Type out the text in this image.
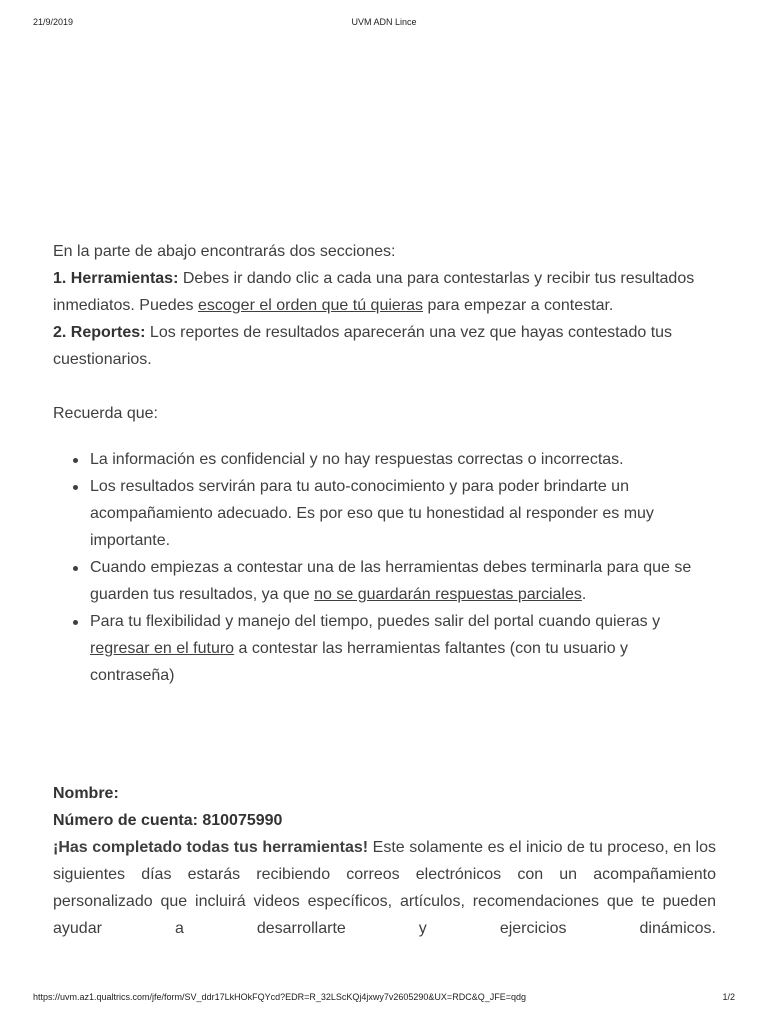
21/9/2019	UVM ADN Lince

En la parte de abajo encontrarás dos secciones:

1. Herramientas: Debes ir dando clic a cada una para contestarlas y recibir tus resultados inmediatos. Puedes escoger el orden que tú quieras para empezar a contestar.

2. Reportes: Los reportes de resultados aparecerán una vez que hayas contestado tus cuestionarios.

Recuerda que:

La información es confidencial y no hay respuestas correctas o incorrectas.
Los resultados servirán para tu auto-conocimiento y para poder brindarte un acompañamiento adecuado. Es por eso que tu honestidad al responder es muy importante.
Cuando empiezas a contestar una de las herramientas debes terminarla para que se guarden tus resultados, ya que no se guardarán respuestas parciales.
Para tu flexibilidad y manejo del tiempo, puedes salir del portal cuando quieras y regresar en el futuro a contestar las herramientas faltantes (con tu usuario y contraseña)

Nombre:

Número de cuenta: 810075990

¡Has completado todas tus herramientas! Este solamente es el inicio de tu proceso, en los siguientes días estarás recibiendo correos electrónicos con un acompañamiento personalizado que incluirá videos específicos, artículos, recomendaciones que te pueden ayudar a desarrollarte y ejercicios dinámicos.

https://uvm.az1.qualtrics.com/jfe/form/SV_ddr17LkHOkFQYcd?EDR=R_32LScKQj4jxwy7v2605290&UX=RDC&Q_JFE=qdg	1/2
